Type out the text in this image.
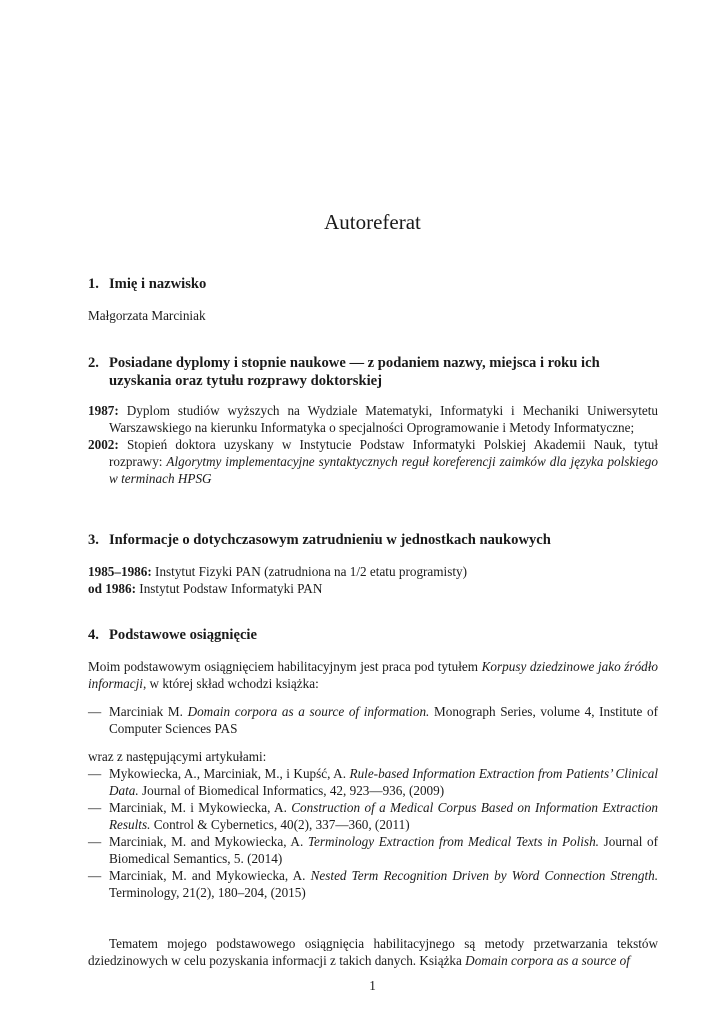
Autoreferat
1. Imię i nazwisko

Małgorzata Marciniak

2. Posiadane dyplomy i stopnie naukowe — z podaniem nazwy, miejsca i roku ich uzyskania oraz tytułu rozprawy doktorskiej

1987: Dyplom studiów wyższych na Wydziale Matematyki, Informatyki i Mechaniki Uniwersytetu Warszawskiego na kierunku Informatyka o specjalności Oprogramowanie i Metody Informatyczne;

2002: Stopień doktora uzyskany w Instytucie Podstaw Informatyki Polskiej Akademii Nauk, tytuł rozprawy: Algorytmy implementacyjne syntaktycznych reguł koreferencji zaimków dla języka polskiego w terminach HPSG

3. Informacje o dotychczasowym zatrudnieniu w jednostkach naukowych

1985–1986: Instytut Fizyki PAN (zatrudniona na 1/2 etatu programisty)

od 1986: Instytut Podstaw Informatyki PAN

4. Podstawowe osiągnięcie

Moim podstawowym osiągnięciem habilitacyjnym jest praca pod tytułem Korpusy dziedzinowe jako źródło informacji, w której skład wchodzi książka:

— Marciniak M. Domain corpora as a source of information. Monograph Series, volume 4, Institute of Computer Sciences PAS

wraz z następującymi artykułami:

— Mykowiecka, A., Marciniak, M., i Kupść, A. Rule-based Information Extraction from Patients’ Clinical Data. Journal of Biomedical Informatics, 42, 923—936, (2009)
— Marciniak, M. i Mykowiecka, A. Construction of a Medical Corpus Based on Information Extraction Results. Control & Cybernetics, 40(2), 337—360, (2011)
— Marciniak, M. and Mykowiecka, A. Terminology Extraction from Medical Texts in Polish. Journal of Biomedical Semantics, 5. (2014)
— Marciniak, M. and Mykowiecka, A. Nested Term Recognition Driven by Word Connection Strength. Terminology, 21(2), 180–204, (2015)

Tematem mojego podstawowego osiągnięcia habilitacyjnego są metody przetwarzania tekstów dziedzinowych w celu pozyskania informacji z takich danych. Książka Domain corpora as a source of

1
